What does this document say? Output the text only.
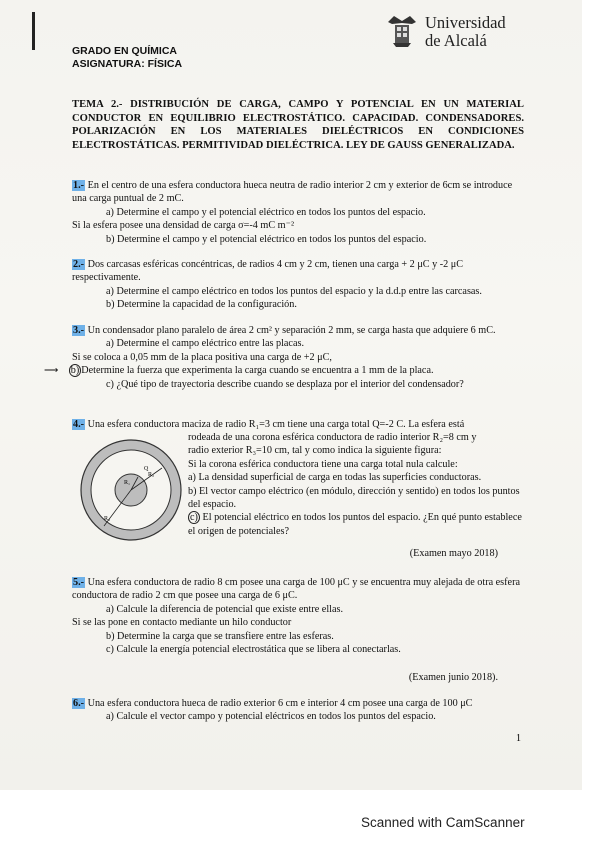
GRADO EN QUÍMICA
ASIGNATURA: FÍSICA
Universidad
de Alcalá
TEMA 2.- DISTRIBUCIÓN DE CARGA, CAMPO Y POTENCIAL EN UN MATERIAL CONDUCTOR EN EQUILIBRIO ELECTROSTÁTICO. CAPACIDAD. CONDENSADORES. POLARIZACIÓN EN LOS MATERIALES DIELÉCTRICOS EN CONDICIONES ELECTROSTÁTICAS. PERMITIVIDAD DIELÉCTRICA. LEY DE GAUSS GENERALIZADA.
1.- En el centro de una esfera conductora hueca neutra de radio interior 2 cm y exterior de 6cm se introduce una carga puntual de 2 mC.
a) Determine el campo y el potencial eléctrico en todos los puntos del espacio.
Si la esfera posee una densidad de carga σ=-4 mC m⁻²
b) Determine el campo y el potencial eléctrico en todos los puntos del espacio.
2.- Dos carcasas esféricas concéntricas, de radios 4 cm y 2 cm, tienen una carga + 2 μC y -2 μC respectivamente.
a) Determine el campo eléctrico en todos los puntos del espacio y la d.d.p entre las carcasas.
b) Determine la capacidad de la configuración.
3.- Un condensador plano paralelo de área 2 cm² y separación 2 mm, se carga hasta que adquiere 6 mC.
a) Determine el campo eléctrico entre las placas.
Si se coloca a 0,05 mm de la placa positiva una carga de +2 μC,
⟶ b) Determine la fuerza que experimenta la carga cuando se encuentra a 1 mm de la placa.
c) ¿Qué tipo de trayectoria describe cuando se desplaza por el interior del condensador?
4.- Una esfera conductora maciza de radio R₁=3 cm tiene una carga total Q=-2 C. La esfera está
rodeada de una corona esférica conductora de radio interior R₂=8 cm y
radio exterior R₃=10 cm, tal y como indica la siguiente figura:
Si la corona esférica conductora tiene una carga total nula calcule:
a) La densidad superficial de carga en todas las superficies conductoras.
b) El vector campo eléctrico (en módulo, dirección y sentido) en todos los puntos del espacio.
c) El potencial eléctrico en todos los puntos del espacio. ¿En qué punto establece el origen de potenciales?
R₁
R₂
R₃
Q
(Examen mayo 2018)
5.- Una esfera conductora de radio 8 cm posee una carga de 100 μC y se encuentra muy alejada de otra esfera conductora de radio 2 cm que posee una carga de 6 μC.
a) Calcule la diferencia de potencial que existe entre ellas.
Si se las pone en contacto mediante un hilo conductor
b) Determine la carga que se transfiere entre las esferas.
c) Calcule la energía potencial electrostática que se libera al conectarlas.
(Examen junio 2018).
6.- Una esfera conductora hueca de radio exterior 6 cm e interior 4 cm posee una carga de 100 μC
a) Calcule el vector campo y potencial eléctricos en todos los puntos del espacio.
1
Scanned with CamScanner
